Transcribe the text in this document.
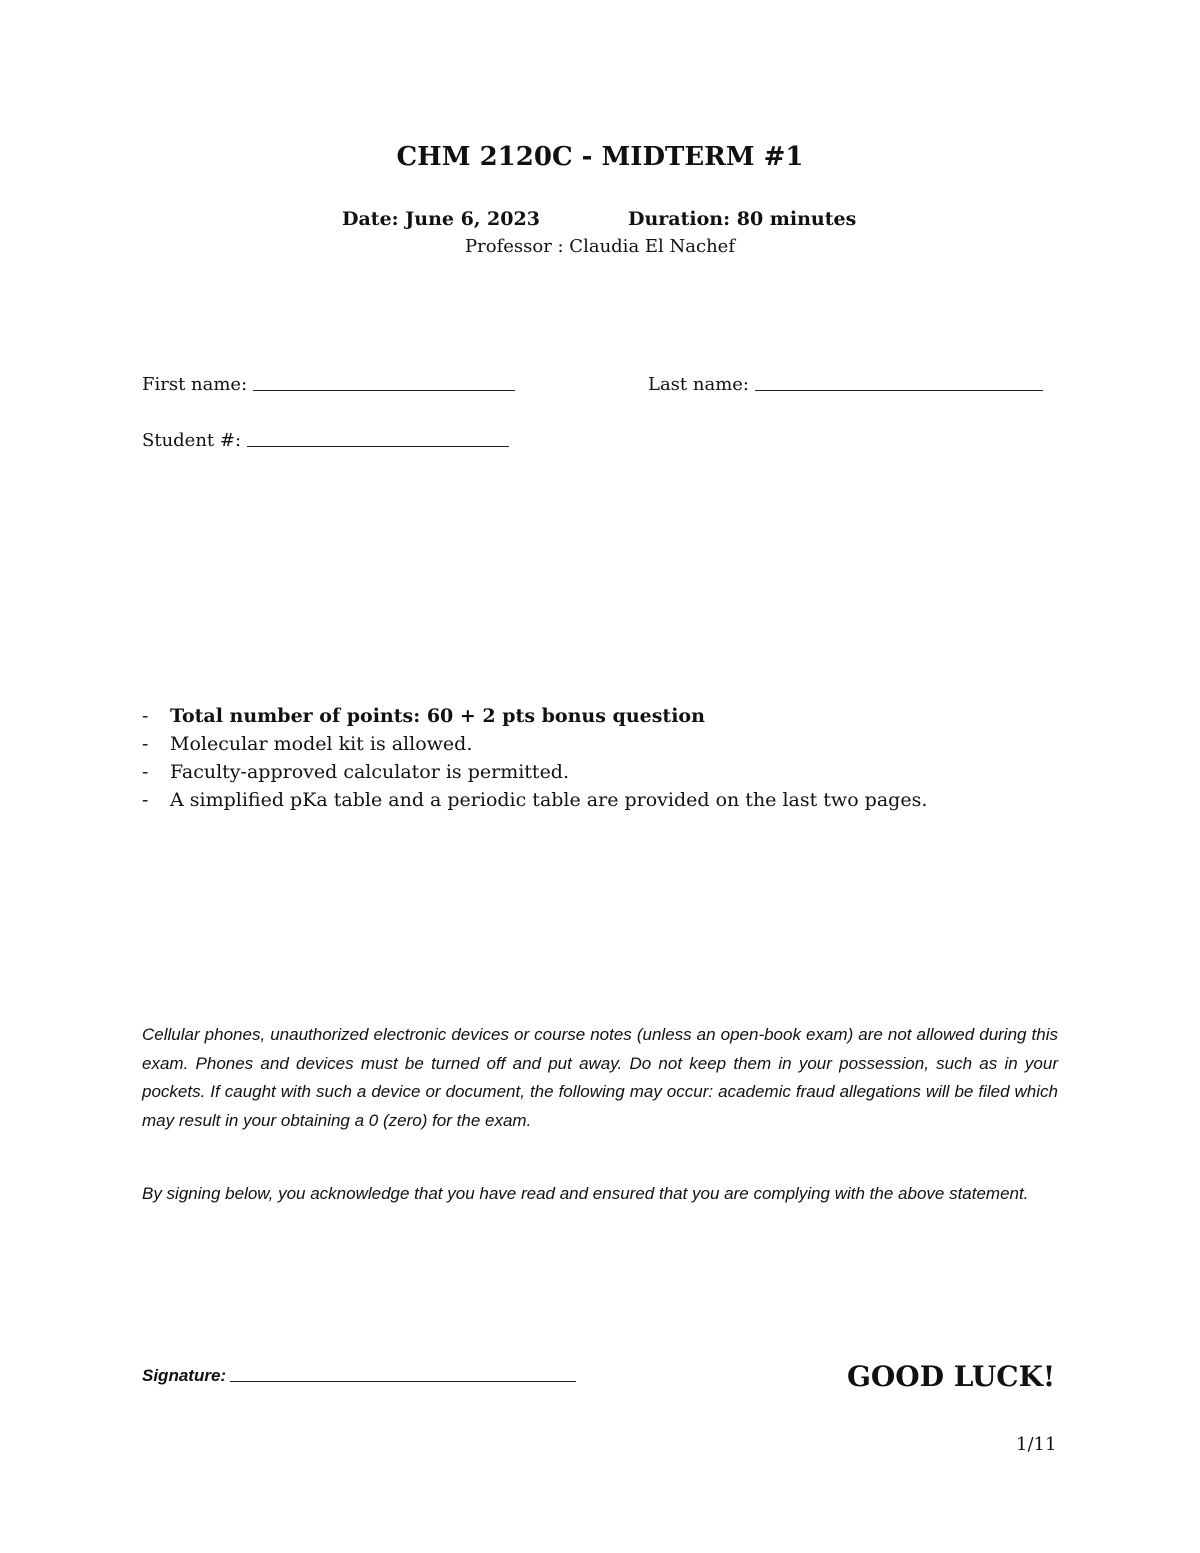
CHM 2120C - MIDTERM #1
Date: June 6, 2023	Duration: 80 minutes
Professor : Claudia El Nachef
First name:	Last name:
Student #:
-	Total number of points: 60 + 2 pts bonus question
-	Molecular model kit is allowed.
-	Faculty-approved calculator is permitted.
-	A simplified pKa table and a periodic table are provided on the last two pages.

Cellular phones, unauthorized electronic devices or course notes (unless an open-book exam) are not allowed during this exam. Phones and devices must be turned off and put away. Do not keep them in your possession, such as in your pockets. If caught with such a device or document, the following may occur: academic fraud allegations will be filed which may result in your obtaining a 0 (zero) for the exam.

By signing below, you acknowledge that you have read and ensured that you are complying with the above statement.

Signature:	GOOD LUCK!
1/11
